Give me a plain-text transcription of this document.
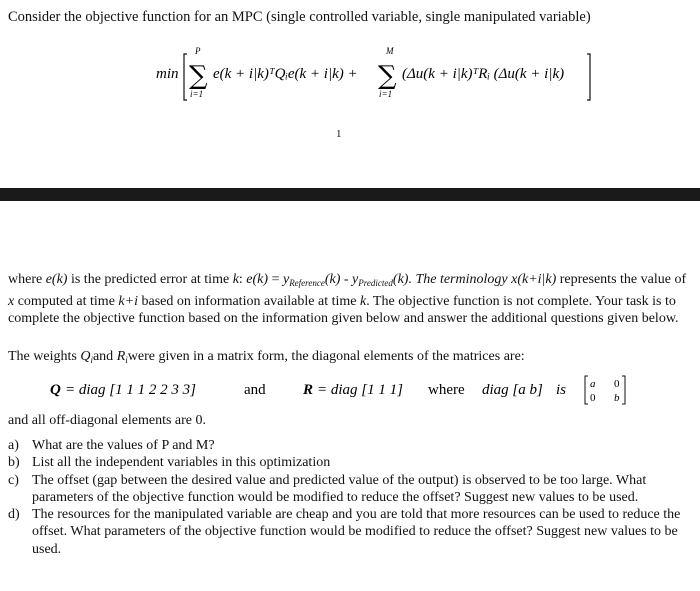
Consider the objective function for an MPC (single controlled variable, single manipulated variable)
min
P
∑
i=1
e(k + i|k)ᵀQᵢe(k + i|k) +
M
∑
i=1
(Δu(k + i|k)ᵀRᵢ (Δu(k + i|k)
1
where e(k) is the predicted error at time k: $e(k) = y_{Reference}(k) - y_{Predicted}(k)$. The terminology x(k+i|k) represents the value of x computed at time k+i based on information available at time k. The objective function is not complete. Your task is to complete the objective function based on the information given below and answer the additional questions given below.
The weights $Q_iand$ $R_iwere$ given in a matrix form, the diagonal elements of the matrices are:
Q = diag [1 1 1 2 2 3 3]	and R = diag [1 1 1] where diag [a b] is a 0
0 b
and all off-diagonal elements are 0.
a) What are the values of P and M?
b) List all the independent variables in this optimization
c) The offset (gap between the desired value and predicted value of the output) is observed to be too large. What parameters of the objective function would be modified to reduce the offset? Suggest new values to be used.
d) The resources for the manipulated variable are cheap and you are told that more resources can be used to reduce the offset. What parameters of the objective function would be modified to reduce the offset? Suggest new values to be used.
